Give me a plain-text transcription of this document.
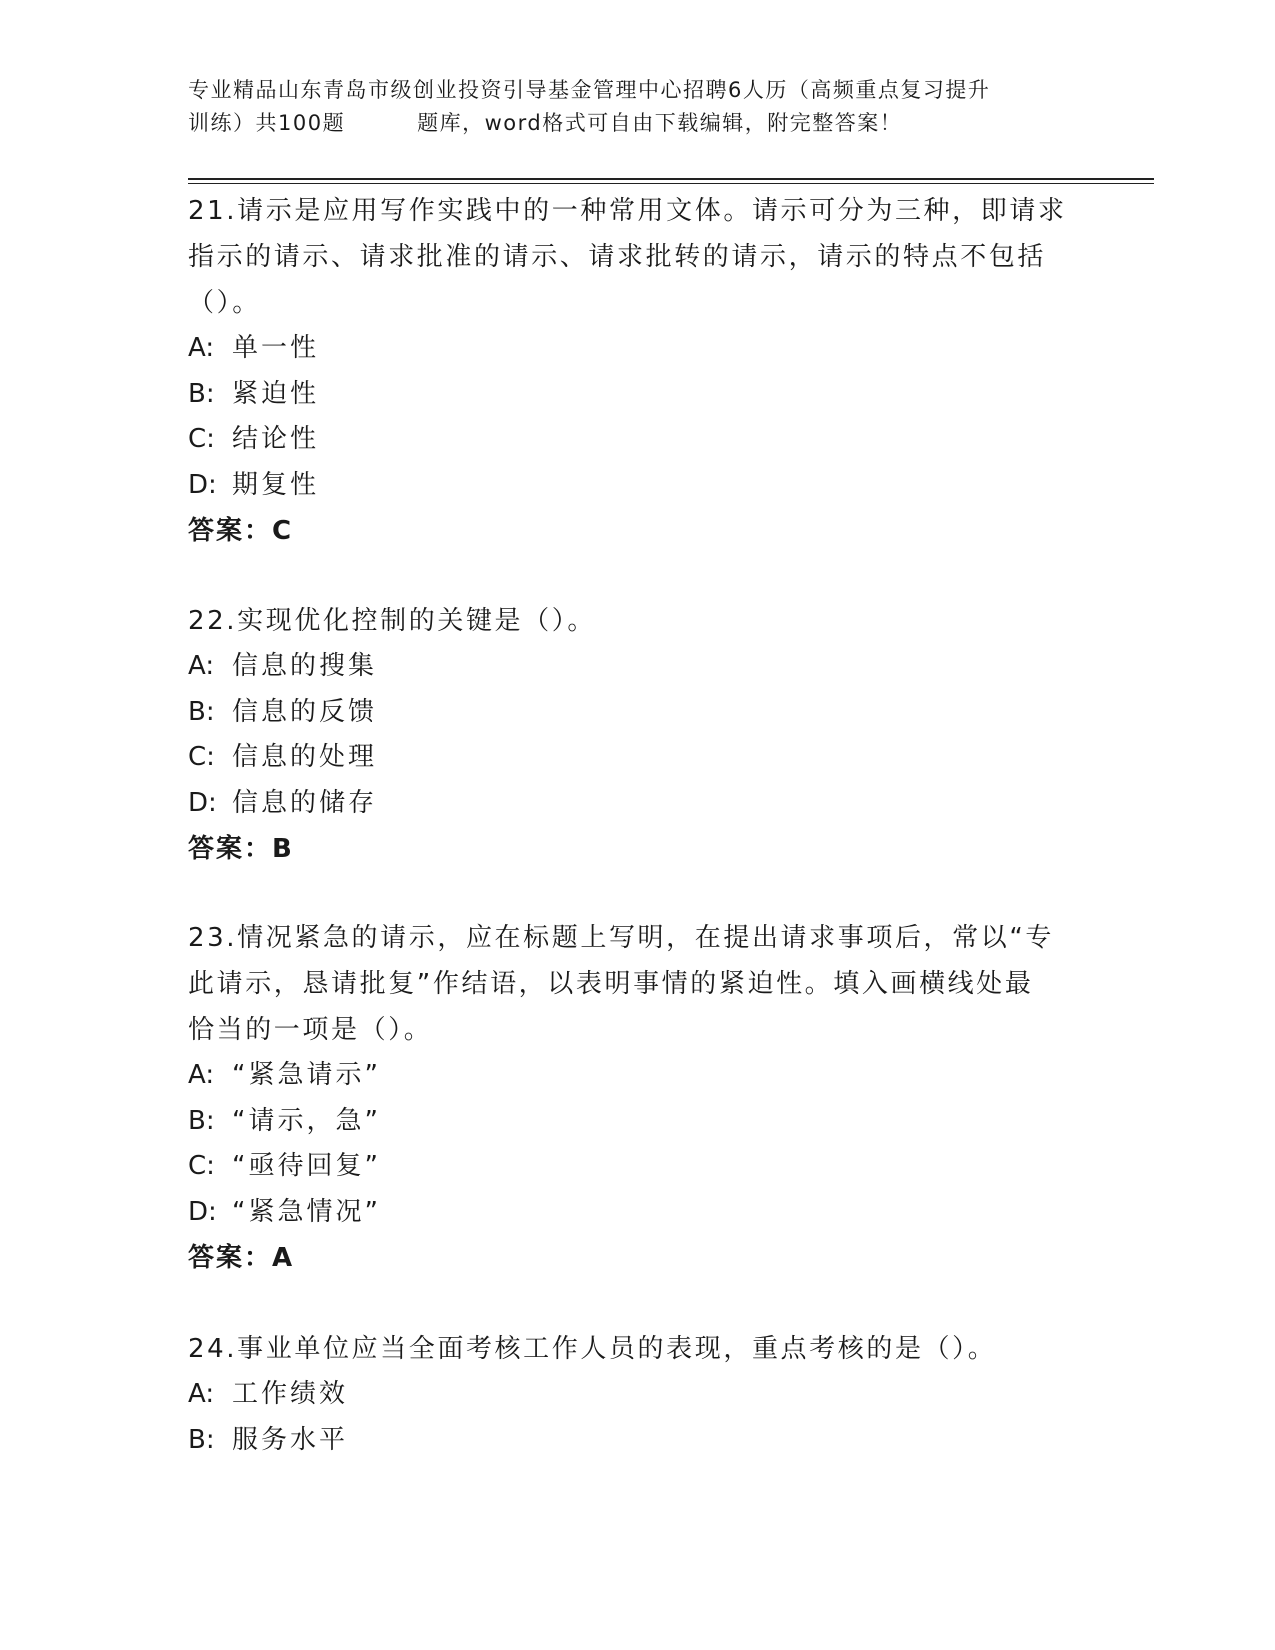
专业精品山东青岛市级创业投资引导基金管理中心招聘6人历（高频重点复习提升
训练）共100题	题库，word格式可自由下载编辑，附完整答案！
21.请示是应用写作实践中的一种常用文体。请示可分为三种，即请求
指示的请示、请求批准的请示、请求批转的请示，请示的特点不包括
（）。
A: 单一性
B: 紧迫性
C: 结论性
D: 期复性
答案：C
22.实现优化控制的关键是（）。
A: 信息的搜集
B: 信息的反馈
C: 信息的处理
D: 信息的储存
答案：B
23.情况紧急的请示，应在标题上写明，在提出请求事项后，常以“专
此请示，恳请批复”作结语，以表明事情的紧迫性。填入画横线处最
恰当的一项是（）。
A: “紧急请示”
B: “请示，急”
C: “亟待回复”
D: “紧急情况”
答案：A
24.事业单位应当全面考核工作人员的表现，重点考核的是（）。
A: 工作绩效
B: 服务水平
